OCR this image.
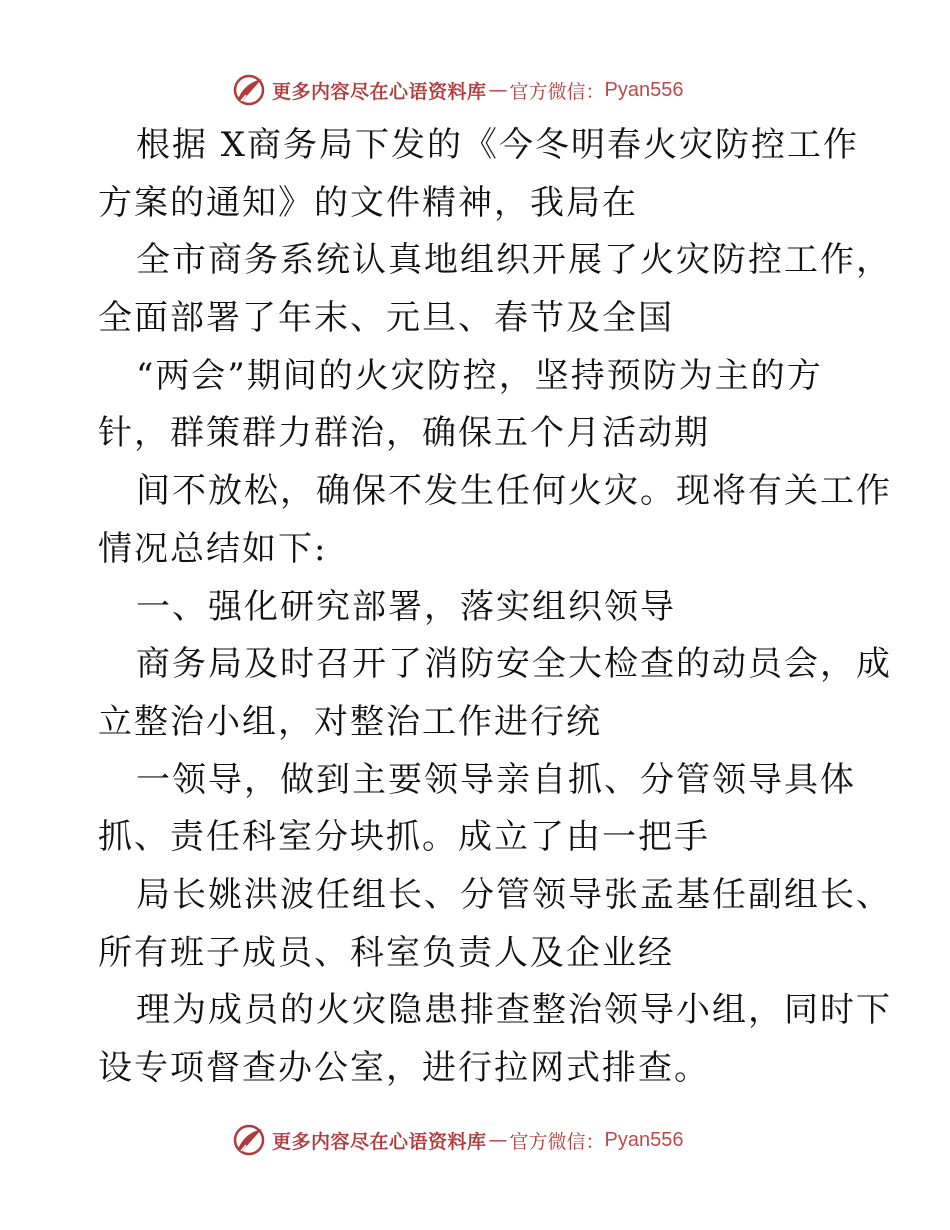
更多内容尽在心语资料库 — 官方微信： Pyan556
根据 X商务局下发的《今冬明春火灾防控工作
方案的通知》的文件精神，我局在
全市商务系统认真地组织开展了火灾防控工作，
全面部署了年末、元旦、春节及全国
“两会”期间的火灾防控，坚持预防为主的方
针，群策群力群治，确保五个月活动期
间不放松，确保不发生任何火灾。现将有关工作
情况总结如下:
一、强化研究部署，落实组织领导
商务局及时召开了消防安全大检查的动员会，成
立整治小组，对整治工作进行统
一领导，做到主要领导亲自抓、分管领导具体
抓、责任科室分块抓。成立了由一把手
局长姚洪波任组长、分管领导张孟基任副组长、
所有班子成员、科室负责人及企业经
理为成员的火灾隐患排查整治领导小组，同时下
设专项督查办公室，进行拉网式排查。
更多内容尽在心语资料库 — 官方微信： Pyan556
